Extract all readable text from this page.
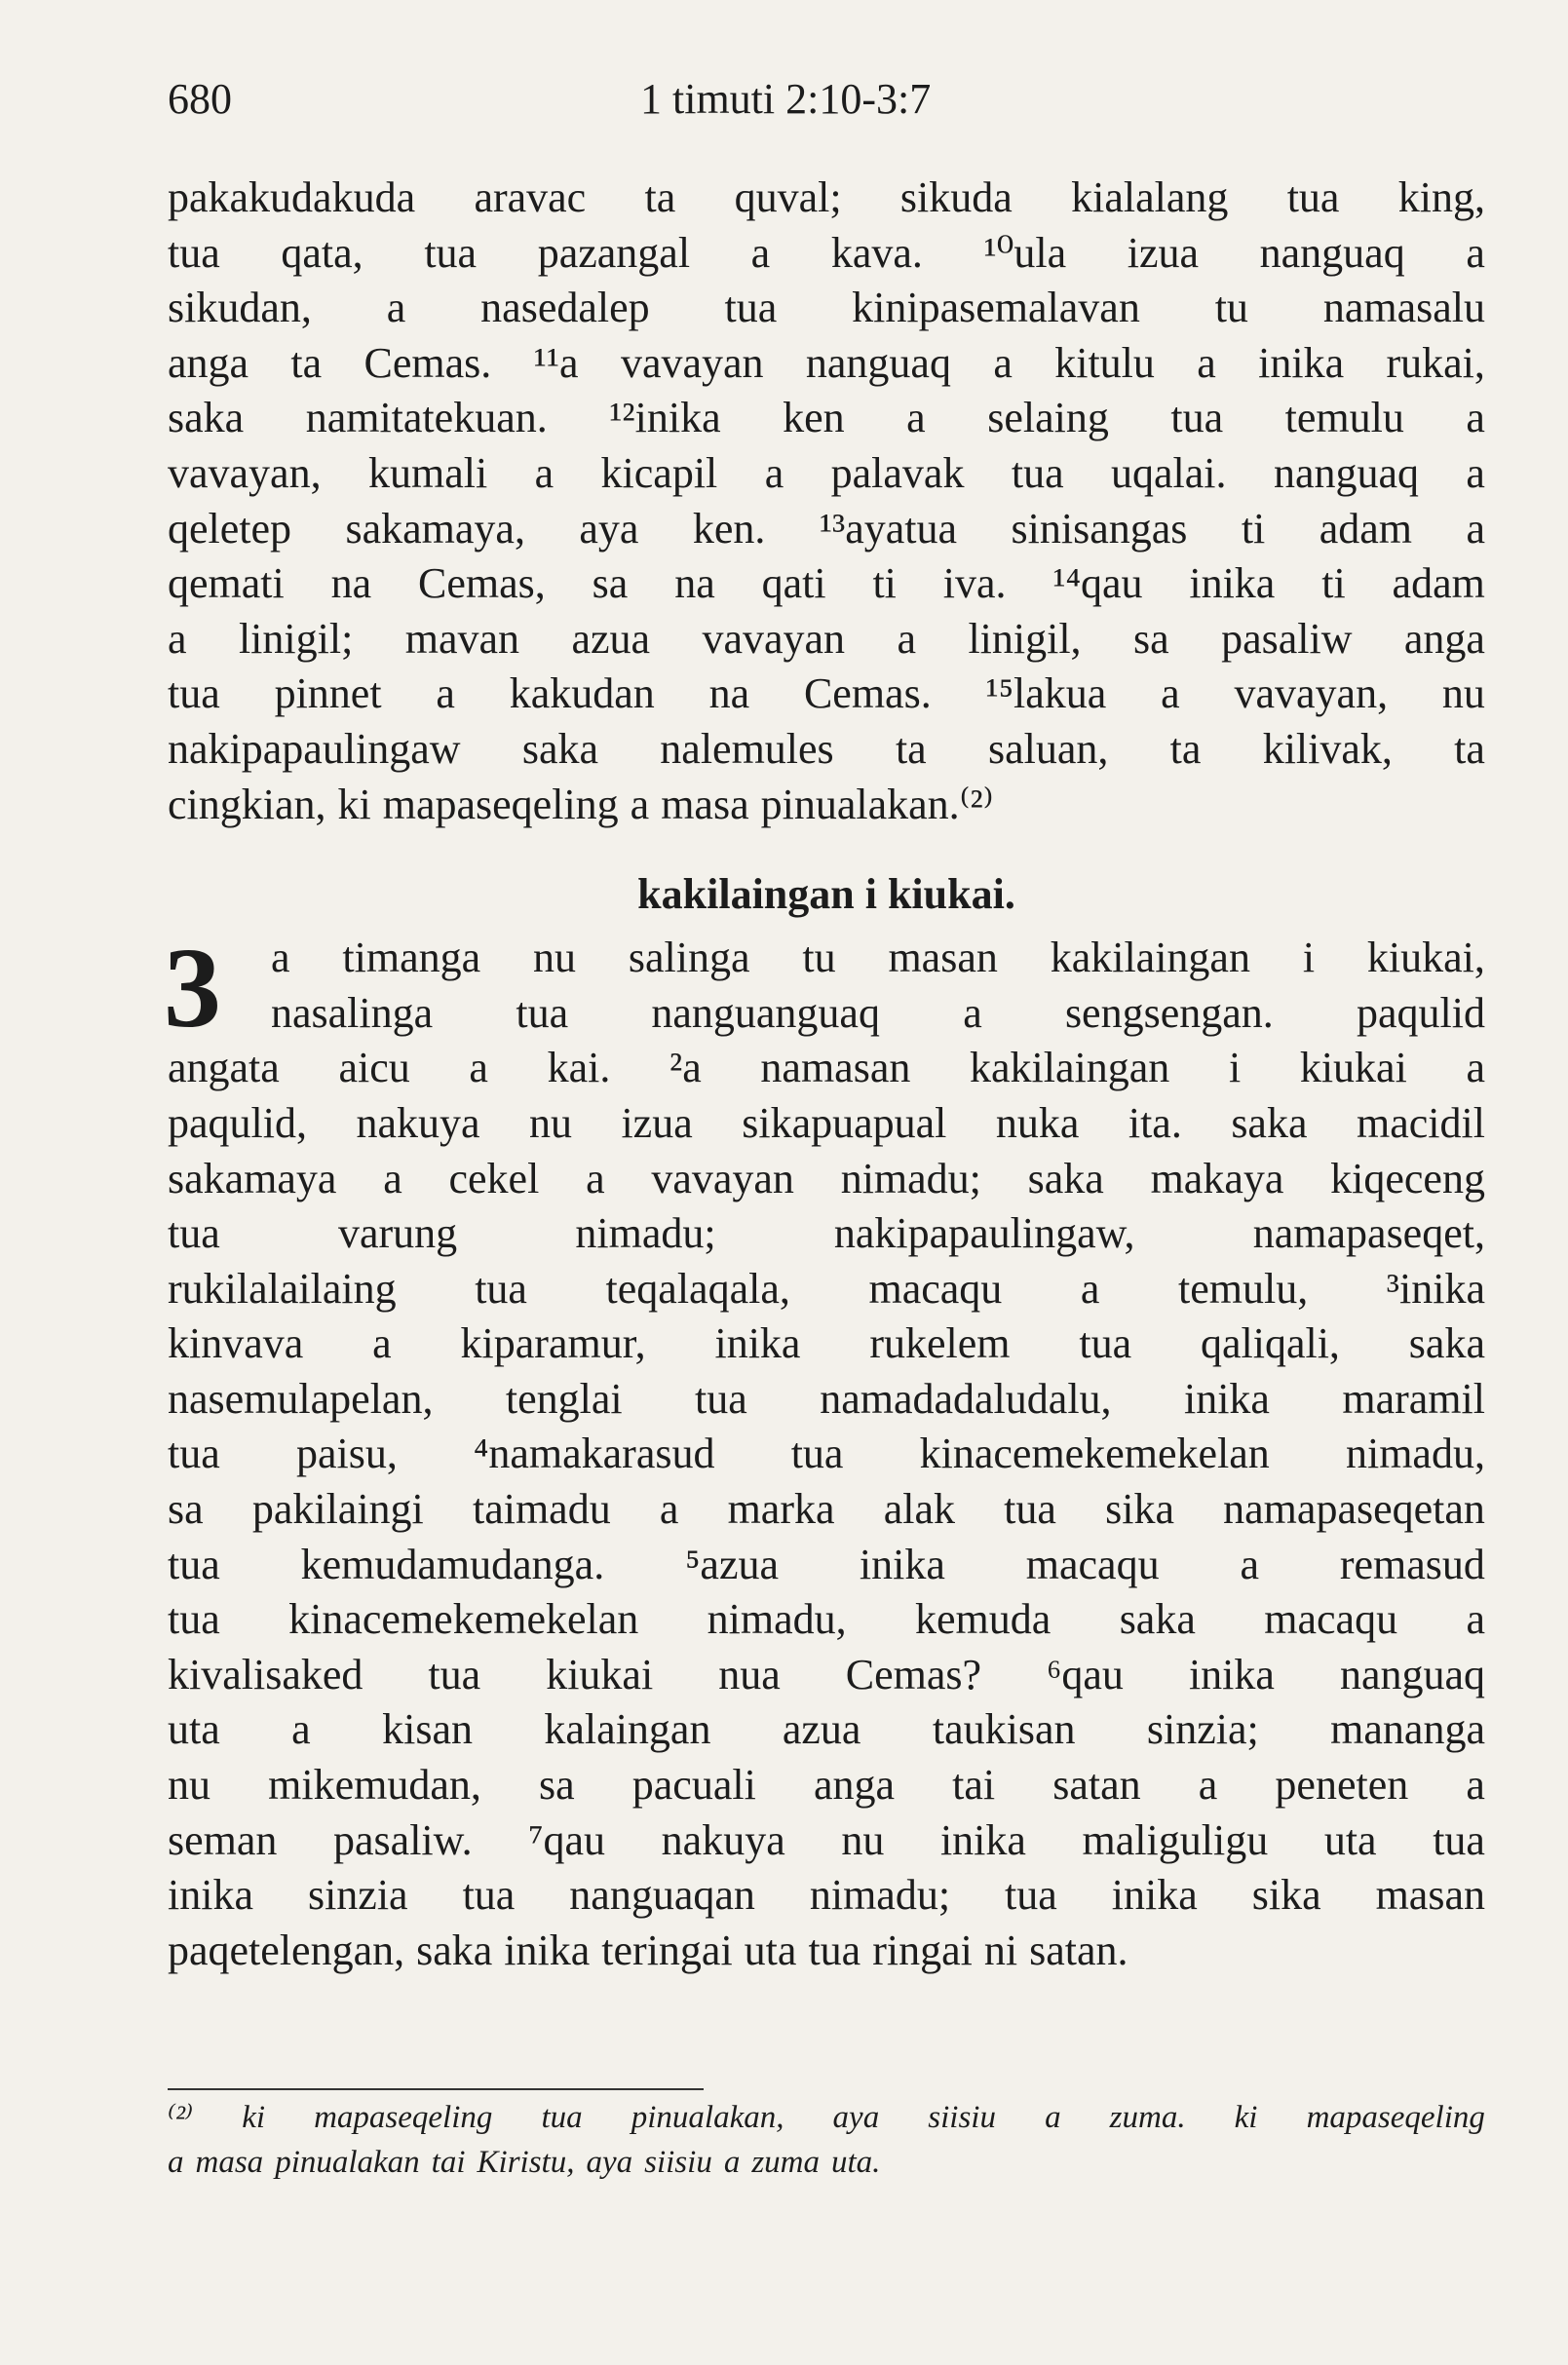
680	1 timuti 2:10-3:7
pakakudakuda aravac ta quval; sikuda kialalang tua king,
tua qata, tua pazangal a kava. ¹⁰ula izua nanguaq a
sikudan, a nasedalep tua kinipasemalavan tu namasalu
anga ta Cemas. ¹¹a vavayan nanguaq a kitulu a inika rukai,
saka namitatekuan. ¹²inika ken a selaing tua temulu a
vavayan, kumali a kicapil a palavak tua uqalai. nanguaq a
qeletep sakamaya, aya ken. ¹³ayatua sinisangas ti adam a
qemati na Cemas, sa na qati ti iva. ¹⁴qau inika ti adam
a linigil; mavan azua vavayan a linigil, sa pasaliw anga
tua pinnet a kakudan na Cemas. ¹⁵lakua a vavayan, nu
nakipapaulingaw saka nalemules ta saluan, ta kilivak, ta
cingkian, ki mapaseqeling a masa pinualakan.⁽²⁾
kakilaingan i kiukai.
3 a timanga nu salinga tu masan kakilaingan i kiukai,
nasalinga tua nanguanguaq a sengsengan. paqulid
angata aicu a kai. ²a namasan kakilaingan i kiukai a
paqulid, nakuya nu izua sikapuapual nuka ita. saka macidil
sakamaya a cekel a vavayan nimadu; saka makaya kiqeceng
tua	varung	nimadu;	nakipapaulingaw,	namapaseqet,
rukilalailaing tua teqalaqala, macaqu a temulu, ³inika
kinvava a kiparamur, inika rukelem tua qaliqali, saka
nasemulapelan, tenglai tua namadadaludalu, inika maramil
tua paisu, ⁴namakarasud tua kinacemekemekelan nimadu,
sa pakilaingi taimadu a marka alak tua sika namapaseqetan
tua kemudamudanga. ⁵azua inika macaqu a remasud
tua kinacemekemekelan nimadu, kemuda saka macaqu a
kivalisaked tua kiukai nua Cemas? ⁶qau inika nanguaq
uta a kisan kalaingan azua taukisan sinzia; mananga
nu mikemudan, sa pacuali anga tai satan a peneten a
seman pasaliw. ⁷qau nakuya nu inika maliguligu uta tua
inika sinzia tua nanguaqan nimadu; tua inika sika masan
paqetelengan, saka inika teringai uta tua ringai ni satan.
⁽²⁾ ki mapaseqeling tua pinualakan, aya siisiu a zuma. ki mapaseqeling
a masa pinualakan tai Kiristu, aya siisiu a zuma uta.
